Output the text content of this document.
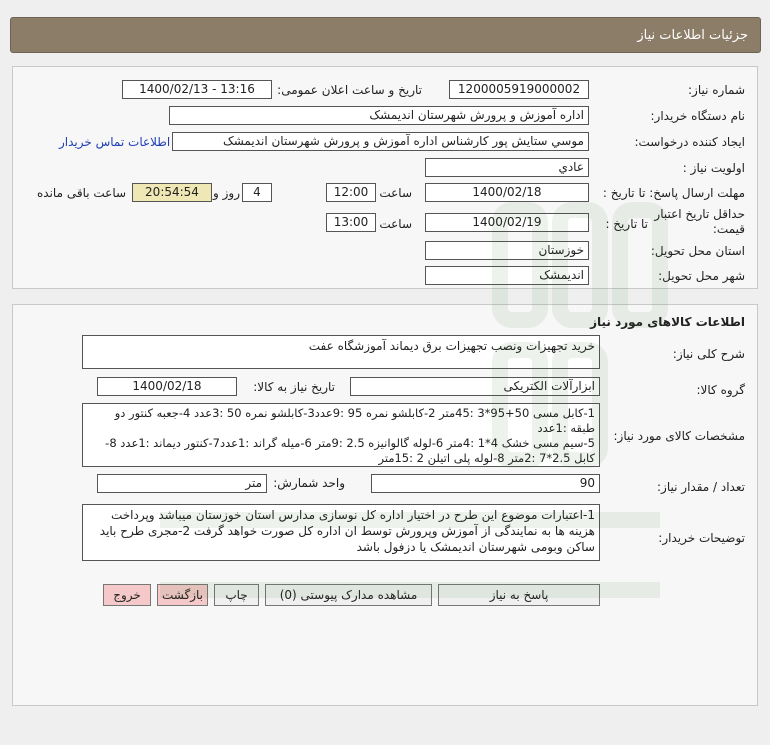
جزئیات اطلاعات نیاز
شماره نیاز:
1200005919000002
تاریخ و ساعت اعلان عمومی:
1400/02/13 - 13:16
نام دستگاه خریدار:
اداره آموزش و پرورش شهرستان اندیمشک
ایجاد کننده درخواست:
موسي ستايش پور كارشناس اداره آموزش و پرورش شهرستان اندیمشک
اطلاعات تماس خریدار
اولویت نیاز :
عادي
مهلت ارسال پاسخ: تا تاریخ :
1400/02/18
ساعت
12:00
4
روز و
20:54:54
ساعت باقی مانده
حداقل تاریخ اعتبار قیمت:
تا تاریخ :
1400/02/19
ساعت
13:00
استان محل تحویل:
خوزستان
شهر محل تحویل:
اندیمشک
اطلاعات کالاهای مورد نیاز
شرح کلی نیاز:
خرید تجهیزات ونصب تجهیزات برق دیماند آموزشگاه عفت
گروه کالا:
ابزارآلات الکتریکی
تاریخ نیاز به کالا:
1400/02/18
مشخصات کالای مورد نیاز:
1-کابل مسی 50+95*3 :45متر 2-کابلشو نمره 95 :9عدد3-کابلشو نمره 50 :3عدد 4-جعبه کنتور دو طبقه :1عدد
5-سیم مسی خشک 4*1 :4متر 6-لوله گالوانیزه 2.5 :9متر 6-میله گراند :1عدد7-کنتور دیماند :1عدد 8-کابل 2.5*7 :2متر 8-لوله پلی اتیلن 2 :15متر
تعداد / مقدار نیاز:
90
واحد شمارش:
متر
توضیحات خریدار:
1-اعتبارات موضوع این طرح در اختیار اداره کل نوسازی مدارس استان خوزستان میباشد وپرداخت هزینه ها به نمایندگی از آموزش وپرورش توسط ان اداره کل صورت خواهد گرفت 2-مجری طرح باید ساکن وبومی شهرستان اندیمشک یا دزفول باشد
پاسخ به نیاز
مشاهده مدارک پیوستی (0)
چاپ
بازگشت
خروج
